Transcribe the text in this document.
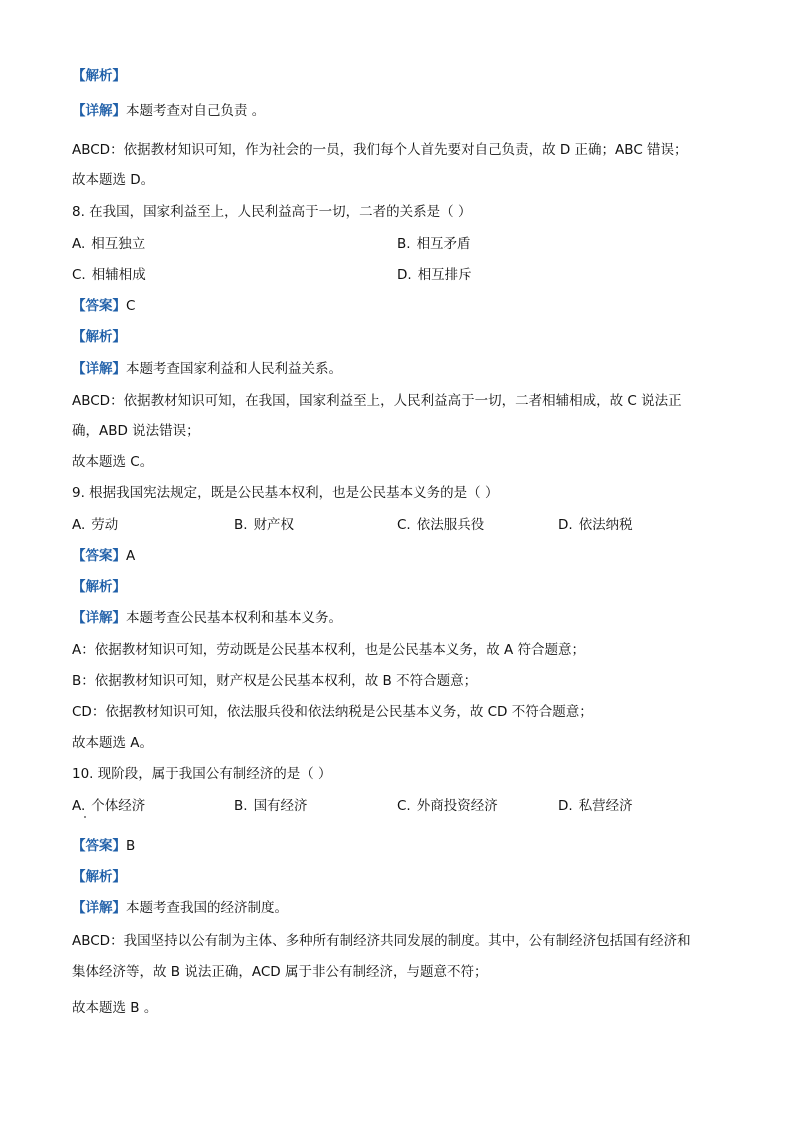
【解析】
【详解】本题考查对自己负责 。
ABCD：依据教材知识可知，作为社会的一员，我们每个人首先要对自己负责，故 D 正确；ABC 错误；
故本题选 D。
8. 在我国，国家利益至上，人民利益高于一切，二者的关系是（ ）
A. 相互独立	B. 相互矛盾
C. 相辅相成	D. 相互排斥
【答案】C
【解析】
【详解】本题考查国家利益和人民利益关系。
ABCD：依据教材知识可知，在我国，国家利益至上，人民利益高于一切，二者相辅相成，故 C 说法正
确，ABD 说法错误；
故本题选 C。
9. 根据我国宪法规定，既是公民基本权利，也是公民基本义务的是（ ）
A. 劳动	B. 财产权	C. 依法服兵役	D. 依法纳税
【答案】A
【解析】
【详解】本题考查公民基本权利和基本义务。
A：依据教材知识可知，劳动既是公民基本权利，也是公民基本义务，故 A 符合题意；
B：依据教材知识可知，财产权是公民基本权利，故 B 不符合题意；
CD：依据教材知识可知，依法服兵役和依法纳税是公民基本义务，故 CD 不符合题意；
故本题选 A。
10. 现阶段，属于我国公有制经济的是（ ）
A. 个体经济	B. 国有经济	C. 外商投资经济	D. 私营经济
【答案】B
【解析】
【详解】本题考查我国的经济制度。
ABCD：我国坚持以公有制为主体、多种所有制经济共同发展的制度。其中，公有制经济包括国有经济和
集体经济等，故 B 说法正确，ACD 属于非公有制经济，与题意不符；
故本题选 B 。
